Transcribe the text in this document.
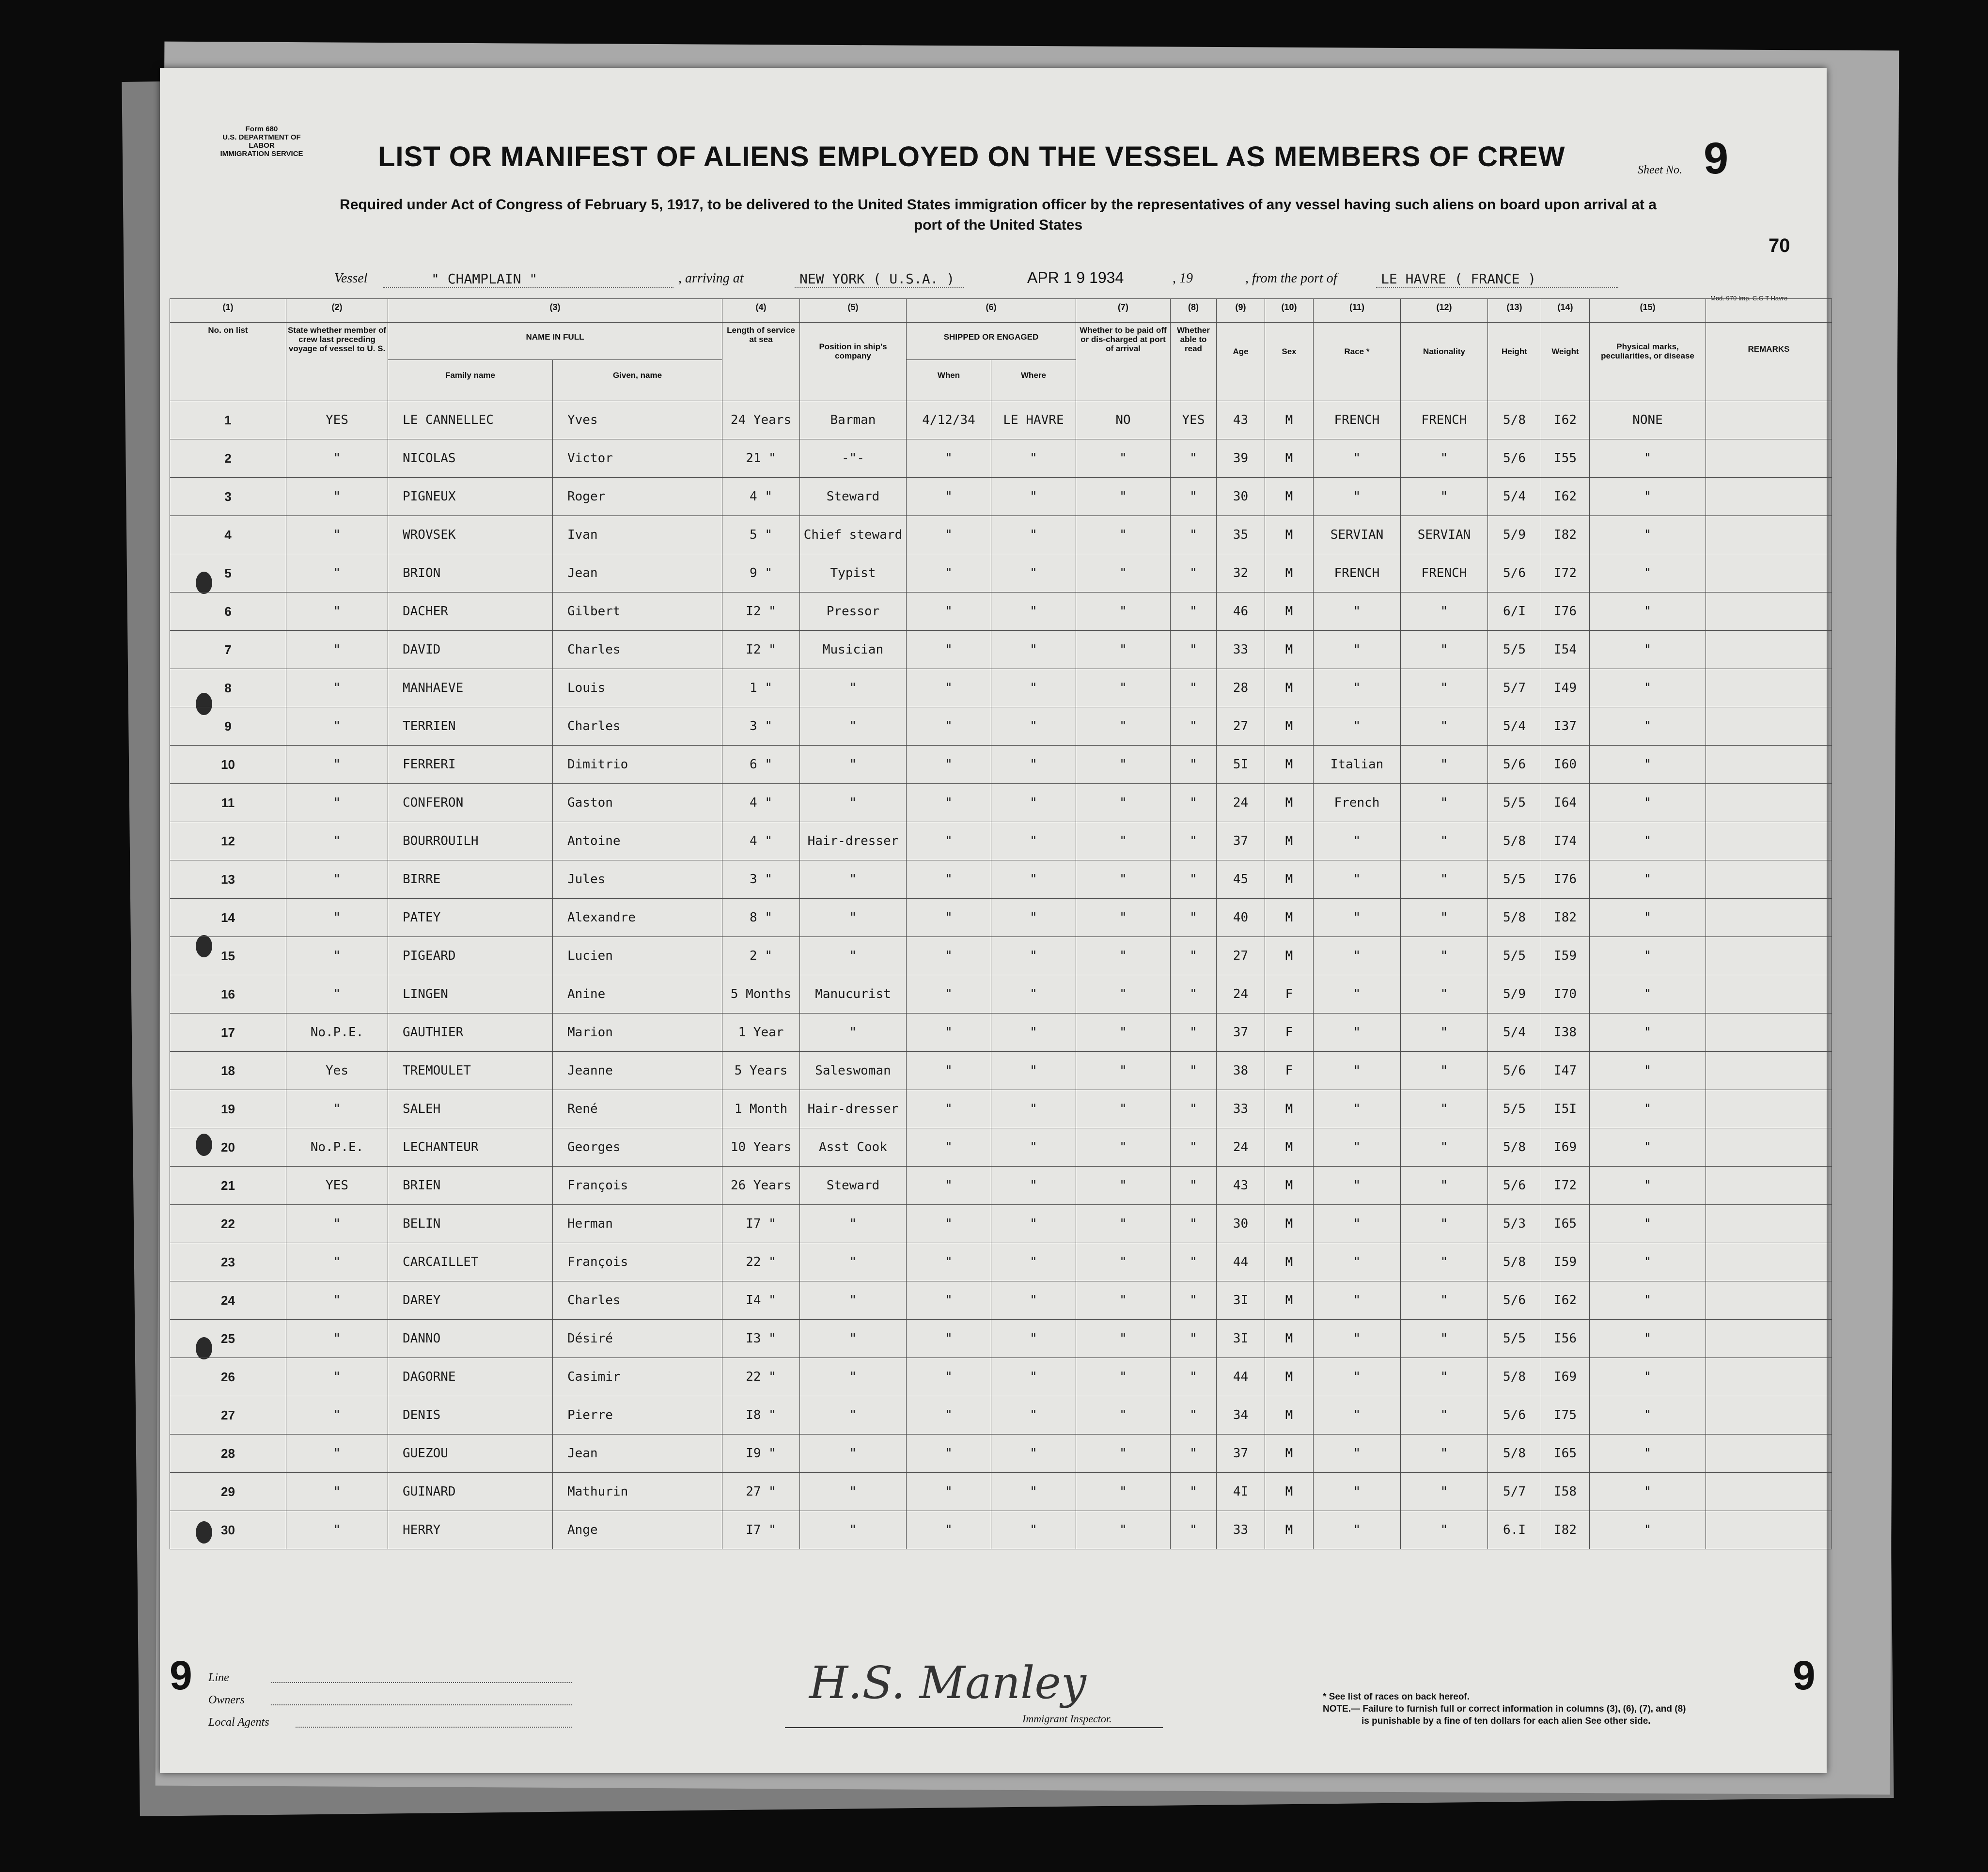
Form 680
U.S. DEPARTMENT OF LABOR
IMMIGRATION SERVICE	LIST OR MANIFEST OF ALIENS EMPLOYED ON THE VESSEL AS MEMBERS OF CREW	Sheet No. 9
Required under Act of Congress of February 5, 1917, to be delivered to the United States immigration officer by the representatives of any vessel having such aliens on board upon arrival at a
port of the United States
70
Vessel	" CHAMPLAIN "	, arriving at	NEW YORK ( U.S.A. )	APR 1 9 1934	, 19	, from the port of	LE HAVRE ( FRANCE )
Mod. 970 Imp. C.G T Havre
(1)	(2)	(3)		(4)	(5)	(6)		(7)	(8)	(9)	(10)	(11)	(12)	(13)	(14)	(15)	
No. on list	State whether member of crew last preceding voyage of vessel to U. S.	NAME IN FULL		Length of service at sea	Position in ship's company	SHIPPED OR ENGAGED		Whether to be paid off or dis-charged at port of arrival	Whether able to read	Age	Sex	Race *	Nationality	Height	Weight	Physical marks, peculiarities, or disease	REMARKS
		Family name	Given, name			When	Where										
1	YES	LE CANNELLEC	Yves	24 Years	Barman	4/12/34	LE HAVRE	NO	YES	43	M	FRENCH	FRENCH	5/8	I62	NONE	
2	"	NICOLAS	Victor	21 "	-"-	"	"	"	"	39	M	"	"	5/6	I55	"	
3	"	PIGNEUX	Roger	4 "	Steward	"	"	"	"	30	M	"	"	5/4	I62	"	
4	"	WROVSEK	Ivan	5 "	Chief steward	"	"	"	"	35	M	SERVIAN	SERVIAN	5/9	I82	"	
5	"	BRION	Jean	9 "	Typist	"	"	"	"	32	M	FRENCH	FRENCH	5/6	I72	"	
6	"	DACHER	Gilbert	I2 "	Pressor	"	"	"	"	46	M	"	"	6/I	I76	"	
7	"	DAVID	Charles	I2 "	Musician	"	"	"	"	33	M	"	"	5/5	I54	"	
8	"	MANHAEVE	Louis	1 "	"	"	"	"	"	28	M	"	"	5/7	I49	"	
9	"	TERRIEN	Charles	3 "	"	"	"	"	"	27	M	"	"	5/4	I37	"	
10	"	FERRERI	Dimitrio	6 "	"	"	"	"	"	5I	M	Italian	"	5/6	I60	"	
11	"	CONFERON	Gaston	4 "	"	"	"	"	"	24	M	French	"	5/5	I64	"	
12	"	BOURROUILH	Antoine	4 "	Hair-dresser	"	"	"	"	37	M	"	"	5/8	I74	"	
13	"	BIRRE	Jules	3 "	"	"	"	"	"	45	M	"	"	5/5	I76	"	
14	"	PATEY	Alexandre	8 "	"	"	"	"	"	40	M	"	"	5/8	I82	"	
15	"	PIGEARD	Lucien	2 "	"	"	"	"	"	27	M	"	"	5/5	I59	"	
16	"	LINGEN	Anine	5 Months	Manucurist	"	"	"	"	24	F	"	"	5/9	I70	"	
17	No.P.E.	GAUTHIER	Marion	1 Year	"	"	"	"	"	37	F	"	"	5/4	I38	"	
18	Yes	TREMOULET	Jeanne	5 Years	Saleswoman	"	"	"	"	38	F	"	"	5/6	I47	"	
19	"	SALEH	René	1 Month	Hair-dresser	"	"	"	"	33	M	"	"	5/5	I5I	"	
20	No.P.E.	LECHANTEUR	Georges	10 Years	Asst Cook	"	"	"	"	24	M	"	"	5/8	I69	"	
21	YES	BRIEN	François	26 Years	Steward	"	"	"	"	43	M	"	"	5/6	I72	"	
22	"	BELIN	Herman	I7 "	"	"	"	"	"	30	M	"	"	5/3	I65	"	
23	"	CARCAILLET	François	22 "	"	"	"	"	"	44	M	"	"	5/8	I59	"	
24	"	DAREY	Charles	I4 "	"	"	"	"	"	3I	M	"	"	5/6	I62	"	
25	"	DANNO	Désiré	I3 "	"	"	"	"	"	3I	M	"	"	5/5	I56	"	
26	"	DAGORNE	Casimir	22 "	"	"	"	"	"	44	M	"	"	5/8	I69	"	
27	"	DENIS	Pierre	I8 "	"	"	"	"	"	34	M	"	"	5/6	I75	"	
28	"	GUEZOU	Jean	I9 "	"	"	"	"	"	37	M	"	"	5/8	I65	"	
29	"	GUINARD	Mathurin	27 "	"	"	"	"	"	4I	M	"	"	5/7	I58	"	
30	"	HERRY	Ange	I7 "	"	"	"	"	"	33	M	"	"	6.I	I82	"	
9	9
Line
Owners
Local Agents
H.S. Manley
Immigrant Inspector.
* See list of races on back hereof.
NOTE.— Failure to furnish full or correct information in columns (3), (6), (7), and (8)
is punishable by a fine of ten dollars for each alien See other side.
